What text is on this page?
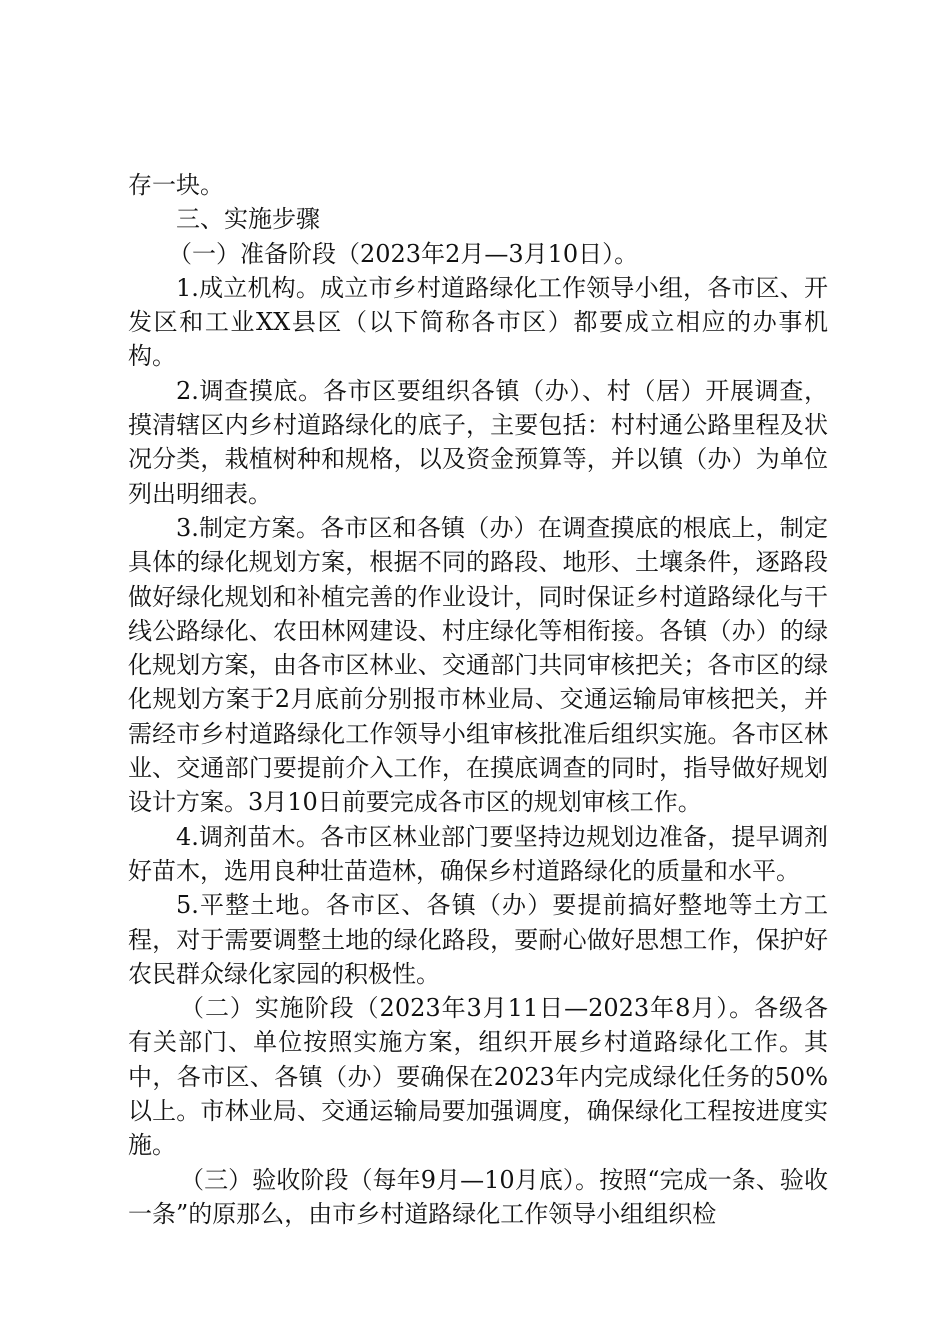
存一块。

三、实施步骤

（一）准备阶段（2023年2月—3月10日）。

1.成立机构。成立市乡村道路绿化工作领导小组，各市区、开发区和工业XX县区（以下简称各市区）都要成立相应的办事机构。

2.调查摸底。各市区要组织各镇（办）、村（居）开展调查，摸清辖区内乡村道路绿化的底子，主要包括：村村通公路里程及状况分类，栽植树种和规格，以及资金预算等，并以镇（办）为单位列出明细表。

3.制定方案。各市区和各镇（办）在调查摸底的根底上，制定具体的绿化规划方案，根据不同的路段、地形、土壤条件，逐路段做好绿化规划和补植完善的作业设计，同时保证乡村道路绿化与干线公路绿化、农田林网建设、村庄绿化等相衔接。各镇（办）的绿化规划方案，由各市区林业、交通部门共同审核把关；各市区的绿化规划方案于2月底前分别报市林业局、交通运输局审核把关，并需经市乡村道路绿化工作领导小组审核批准后组织实施。各市区林业、交通部门要提前介入工作，在摸底调查的同时，指导做好规划设计方案。3月10日前要完成各市区的规划审核工作。

4.调剂苗木。各市区林业部门要坚持边规划边准备，提早调剂好苗木，选用良种壮苗造林，确保乡村道路绿化的质量和水平。

5.平整土地。各市区、各镇（办）要提前搞好整地等土方工程，对于需要调整土地的绿化路段，要耐心做好思想工作，保护好农民群众绿化家园的积极性。

（二）实施阶段（2023年3月11日—2023年8月）。各级各有关部门、单位按照实施方案，组织开展乡村道路绿化工作。其中，各市区、各镇（办）要确保在2023年内完成绿化任务的50%以上。市林业局、交通运输局要加强调度，确保绿化工程按进度实施。

（三）验收阶段（每年9月—10月底）。按照“完成一条、验收一条”的原那么，由市乡村道路绿化工作领导小组组织检
